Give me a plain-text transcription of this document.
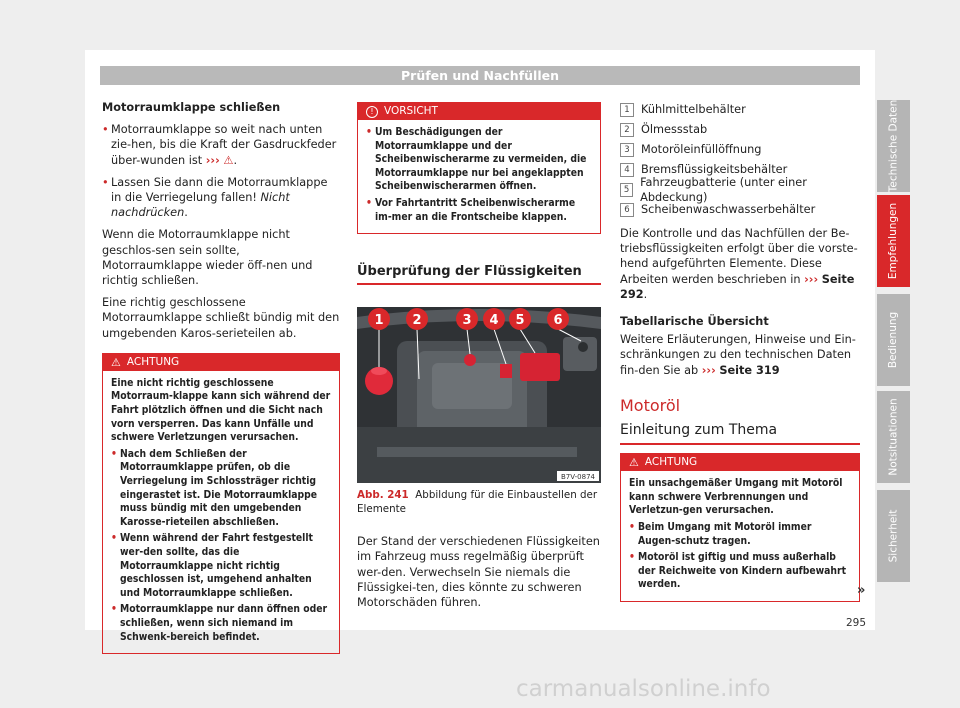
Prüfen und Nachfüllen

Motorraumklappe schließen

• Motorraumklappe so weit nach unten zie-hen, bis die Kraft der Gasdruckfeder über-wunden ist ››› ⚠.

• Lassen Sie dann die Motorraumklappe in die Verriegelung fallen! Nicht nachdrücken.

Wenn die Motorraumklappe nicht geschlos-sen sein sollte, Motorraumklappe wieder öff-nen und richtig schließen.

Eine richtig geschlossene Motorraumklappe schließt bündig mit den umgebenden Karos-serieteilen ab.

⚠ ACHTUNG

Eine nicht richtig geschlossene Motorraum-klappe kann sich während der Fahrt plötzlich öffnen und die Sicht nach vorn versperren. Das kann Unfälle und schwere Verletzungen verursachen.

• Nach dem Schließen der Motorraumklappe prüfen, ob die Verriegelung im Schlossträger richtig eingerastet ist. Die Motorraumklappe muss bündig mit den umgebenden Karosse-rieteilen abschließen.

• Wenn während der Fahrt festgestellt wer-den sollte, das die Motorraumklappe nicht richtig geschlossen ist, umgehend anhalten und Motorraumklappe schließen.

• Motorraumklappe nur dann öffnen oder schließen, wenn sich niemand im Schwenk-bereich befindet.

! VORSICHT

• Um Beschädigungen der Motorraumklappe und der Scheibenwischerarme zu vermeiden, die Motorraumklappe nur bei angeklappten Scheibenwischerarmen öffnen.

• Vor Fahrtantritt Scheibenwischerarme im-mer an die Frontscheibe klappen.

Überprüfung der Flüssigkeiten
1 2	3 4 5 6
B7V-0874
Abb. 241 Abbildung für die Einbaustellen der Elemente

Der Stand der verschiedenen Flüssigkeiten im Fahrzeug muss regelmäßig überprüft wer-den. Verwechseln Sie niemals die Flüssigkei-ten, dies könnte zu schweren Motorschäden führen.

1 Kühlmittelbehälter
2 Ölmessstab
3 Motoröleinfüllöffnung
4 Bremsflüssigkeitsbehälter
5
Fahrzeugbatterie (unter einer Abdeckung)
6 Scheibenwaschwasserbehälter

Die Kontrolle und das Nachfüllen der Be-triebsflüssigkeiten erfolgt über die vorste-hend aufgeführten Elemente. Diese Arbeiten werden beschrieben in ››› Seite 292.

Tabellarische Übersicht

Weitere Erläuterungen, Hinweise und Ein-schränkungen zu den technischen Daten fin-den Sie ab ››› Seite 319

Motoröl
Einleitung zum Thema
⚠ ACHTUNG

Ein unsachgemäßer Umgang mit Motoröl kann schwere Verbrennungen und Verletzun-gen verursachen.

• Beim Umgang mit Motoröl immer Augen-schutz tragen.

• Motoröl ist giftig und muss außerhalb der Reichweite von Kindern aufbewahrt werden.	»
Technische Daten
Empfehlungen
Bedienung
Notsituationen
Sicherheit
295
carmanualsonline.info
